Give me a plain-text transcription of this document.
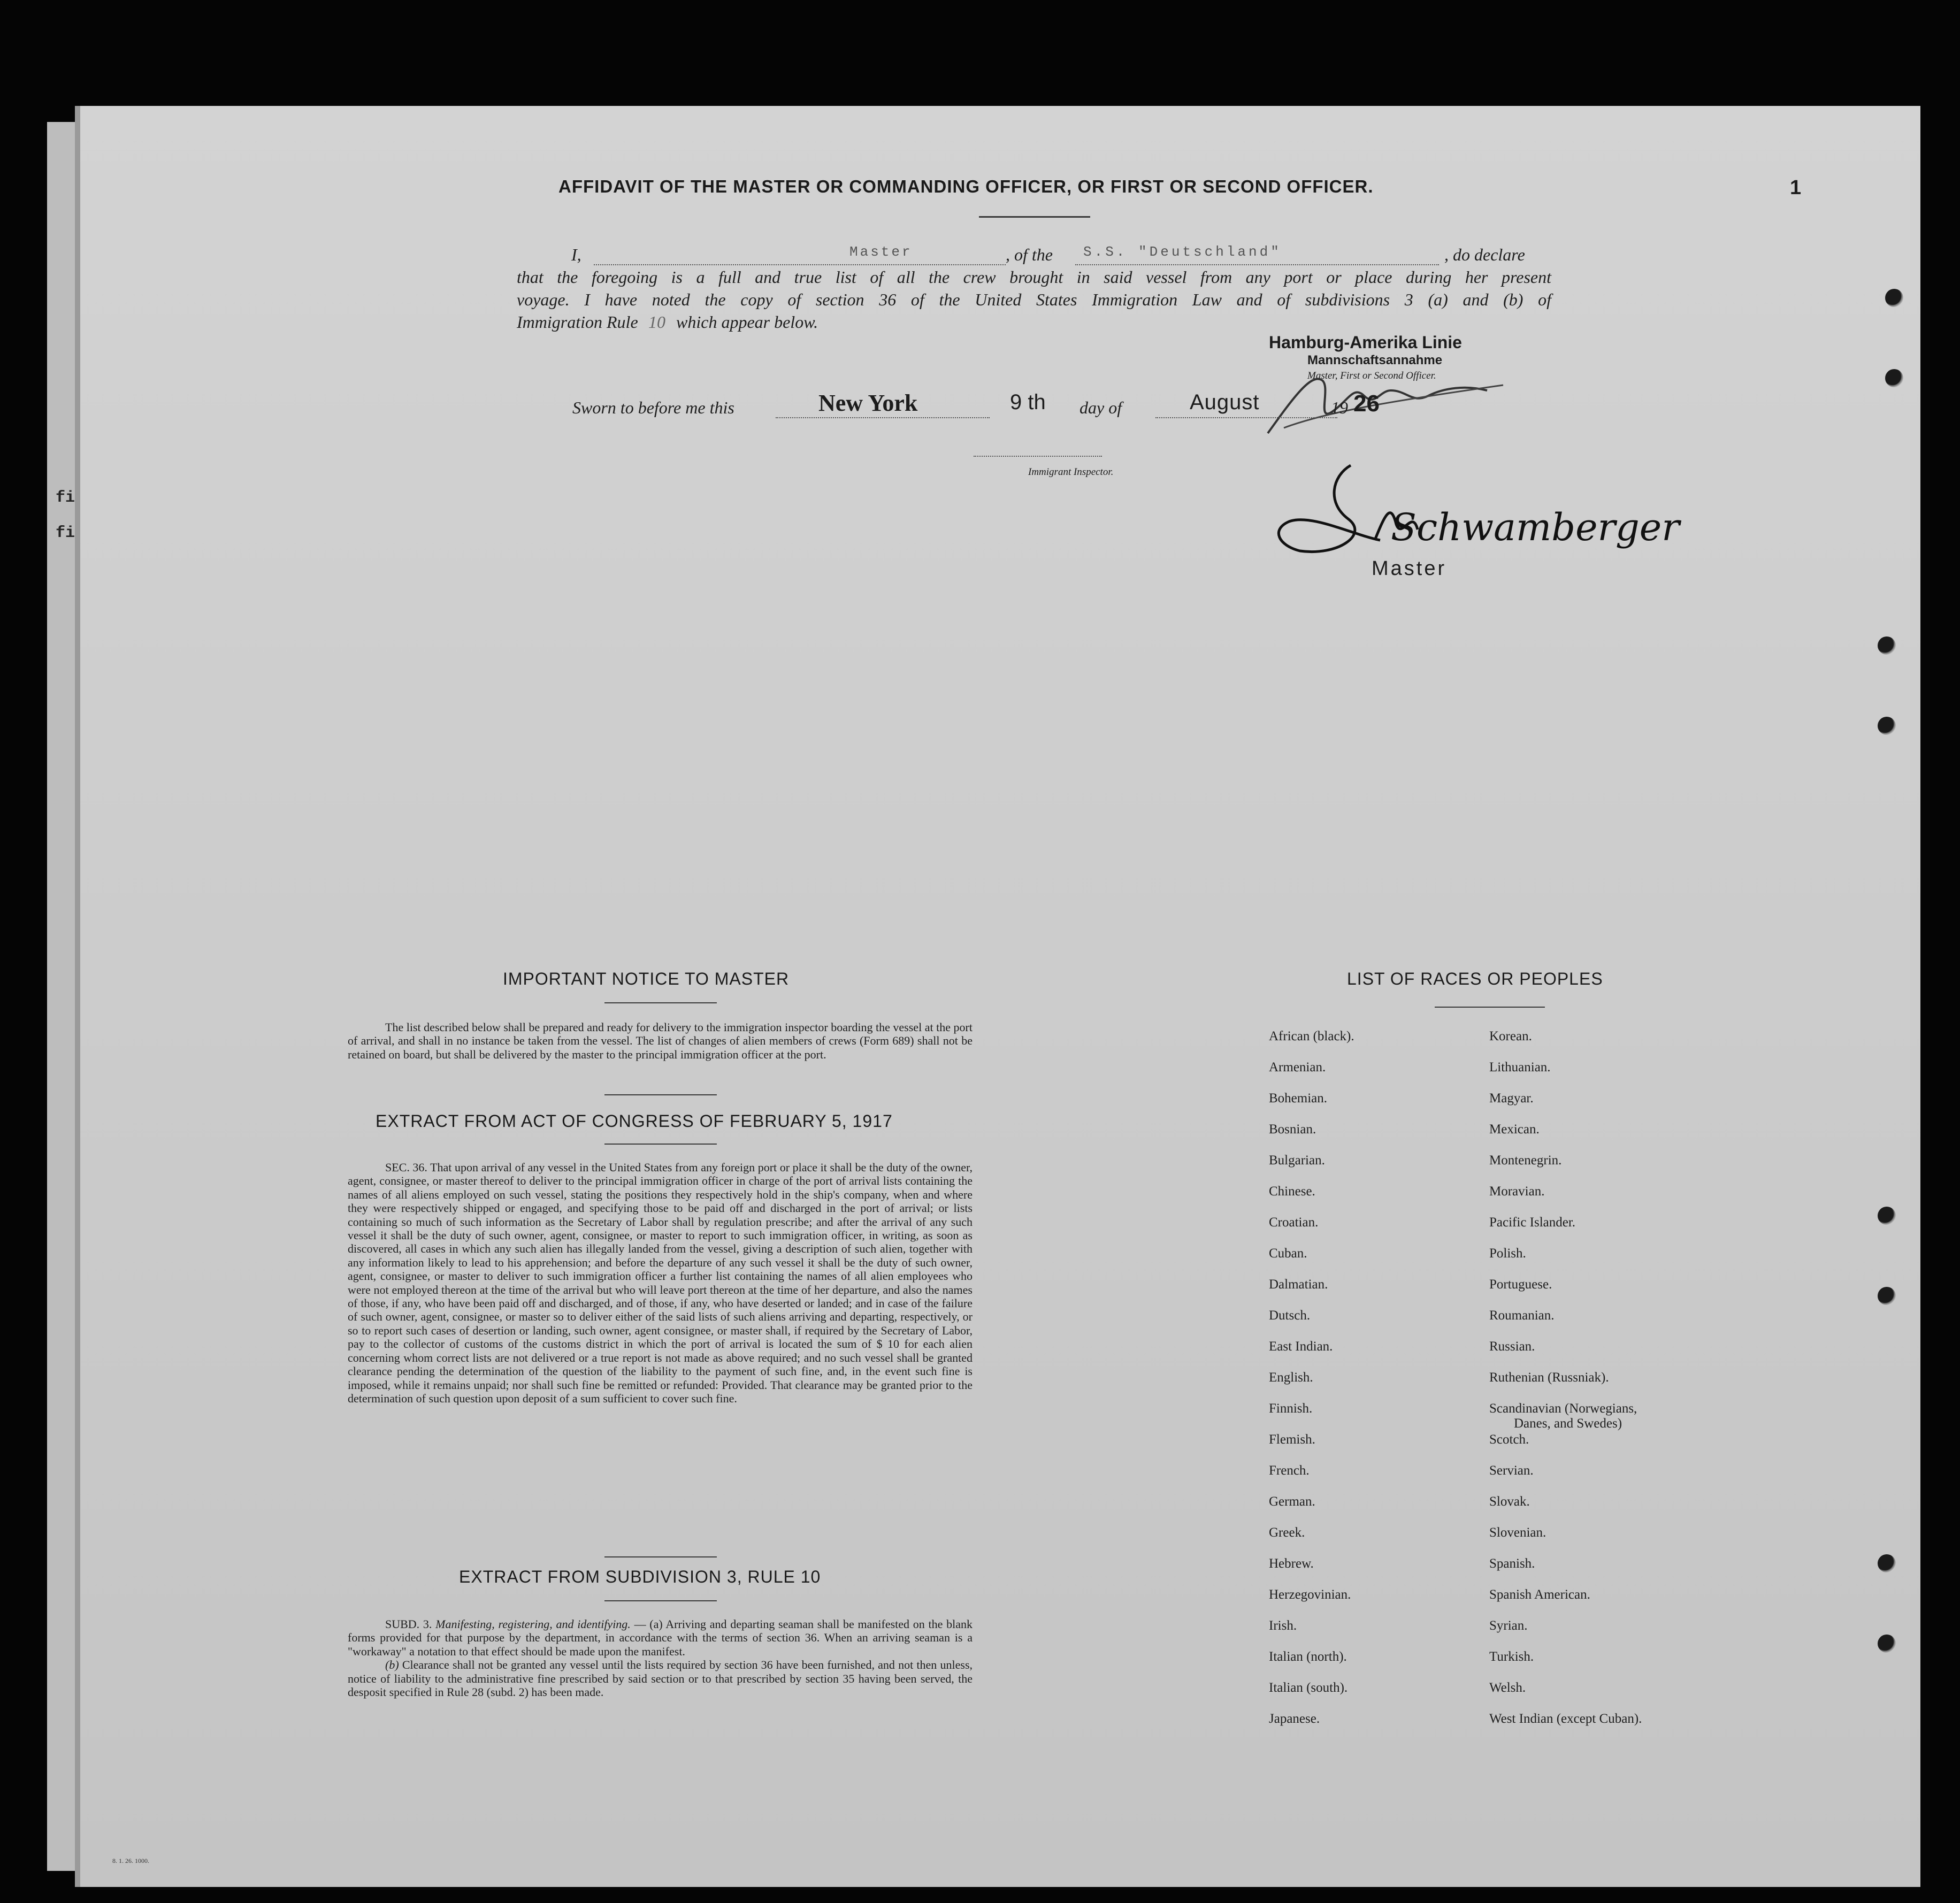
fi
fi
AFFIDAVIT OF THE MASTER OR COMMANDING OFFICER, OR FIRST OR SECOND OFFICER.	1
I,	Master	, of the S.S. "Deutschland"	, do declare
that the foregoing is a full and true list of all the crew brought in said vessel from any port or place during her present
voyage. I have noted the copy of section 36 of the United States Immigration Law and of subdivisions 3 (a) and (b) of
Immigration Rule 10 which appear below.
Hamburg-Amerika Linie
Mannschaftsannahme
Master, First or Second Officer.
Sworn to before me this	New York	9 th day of	August	19 26
Immigrant Inspector.
Schwamberger
Master
IMPORTANT NOTICE TO MASTER

The list described below shall be prepared and ready for delivery to the immigration inspector boarding the vessel at the port of arrival, and shall in no instance be taken from the vessel. The list of changes of alien members of crews (Form 689) shall not be retained on board, but shall be delivered by the master to the principal immigration officer at the port.

EXTRACT FROM ACT OF CONGRESS OF FEBRUARY 5, 1917

SEC. 36. That upon arrival of any vessel in the United States from any foreign port or place it shall be the duty of the owner, agent, consignee, or master thereof to deliver to the principal immigration officer in charge of the port of arrival lists containing the names of all aliens employed on such vessel, stating the positions they respectively hold in the ship's company, when and where they were respectively shipped or engaged, and specifying those to be paid off and discharged in the port of arrival; or lists containing so much of such information as the Secretary of Labor shall by regulation prescribe; and after the arrival of any such vessel it shall be the duty of such owner, agent, consignee, or master to report to such immigration officer, in writing, as soon as discovered, all cases in which any such alien has illegally landed from the vessel, giving a description of such alien, together with any information likely to lead to his apprehension; and before the departure of any such vessel it shall be the duty of such owner, agent, consignee, or master to deliver to such immigration officer a further list containing the names of all alien employees who were not employed thereon at the time of the arrival but who will leave port thereon at the time of her departure, and also the names of those, if any, who have been paid off and discharged, and of those, if any, who have deserted or landed; and in case of the failure of such owner, agent, consignee, or master so to deliver either of the said lists of such aliens arriving and departing, respectively, or so to report such cases of desertion or landing, such owner, agent consignee, or master shall, if required by the Secretary of Labor, pay to the collector of customs of the customs district in which the port of arrival is located the sum of $ 10 for each alien concerning whom correct lists are not delivered or a true report is not made as above required; and no such vessel shall be granted clearance pending the determination of the question of the liability to the payment of such fine, and, in the event such fine is imposed, while it remains unpaid; nor shall such fine be remitted or refunded: Provided. That clearance may be granted prior to the determination of such question upon deposit of a sum sufficient to cover such fine.

EXTRACT FROM SUBDIVISION 3, RULE 10

SUBD. 3. Manifesting, registering, and identifying. — (a) Arriving and departing seaman shall be manifested on the blank forms provided for that purpose by the department, in accordance with the terms of section 36. When an arriving seaman is a "workaway" a notation to that effect should be made upon the manifest.

(b) Clearance shall not be granted any vessel until the lists required by section 36 have been furnished, and not then unless, notice of liability to the administrative fine prescribed by said section or to that prescribed by section 35 having been served, the desposit specified in Rule 28 (subd. 2) has been made.

LIST OF RACES OR PEOPLES
African (black).
Armenian.
Bohemian.
Bosnian.
Bulgarian.
Chinese.
Croatian.
Cuban.
Dalmatian.
Dutsch.
East Indian.
English.
Finnish.
Flemish.
French.
German.
Greek.
Hebrew.
Herzegovinian.
Irish.
Italian (north).
Italian (south).
Japanese.
Korean.
Lithuanian.
Magyar.
Mexican.
Montenegrin.
Moravian.
Pacific Islander.
Polish.
Portuguese.
Roumanian.
Russian.
Ruthenian (Russniak).
Scandinavian (Norwegians,
Danes, and Swedes)
Scotch.
Servian.
Slovak.
Slovenian.
Spanish.
Spanish American.
Syrian.
Turkish.
Welsh.
West Indian (except Cuban).
8. 1. 26. 1000.
